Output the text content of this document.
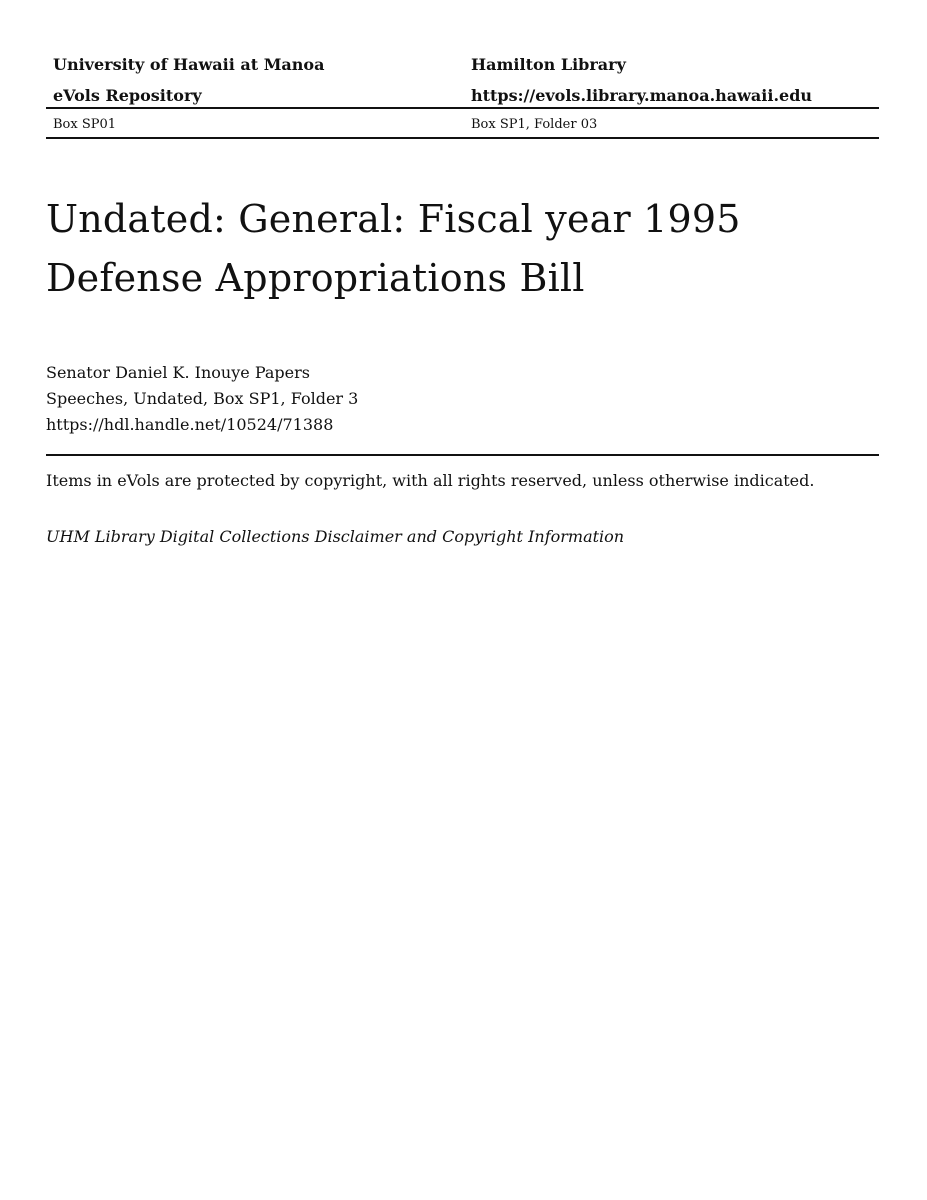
University of Hawaii at Manoa	Hamilton Library
eVols Repository	https://evols.library.manoa.hawaii.edu
Box SP01	Box SP1, Folder 03
Undated: General: Fiscal year 1995
Defense Appropriations Bill
Senator Daniel K. Inouye Papers
Speeches, Undated, Box SP1, Folder 3
https://hdl.handle.net/10524/71388
Items in eVols are protected by copyright, with all rights reserved, unless otherwise indicated.
UHM Library Digital Collections Disclaimer and Copyright Information
